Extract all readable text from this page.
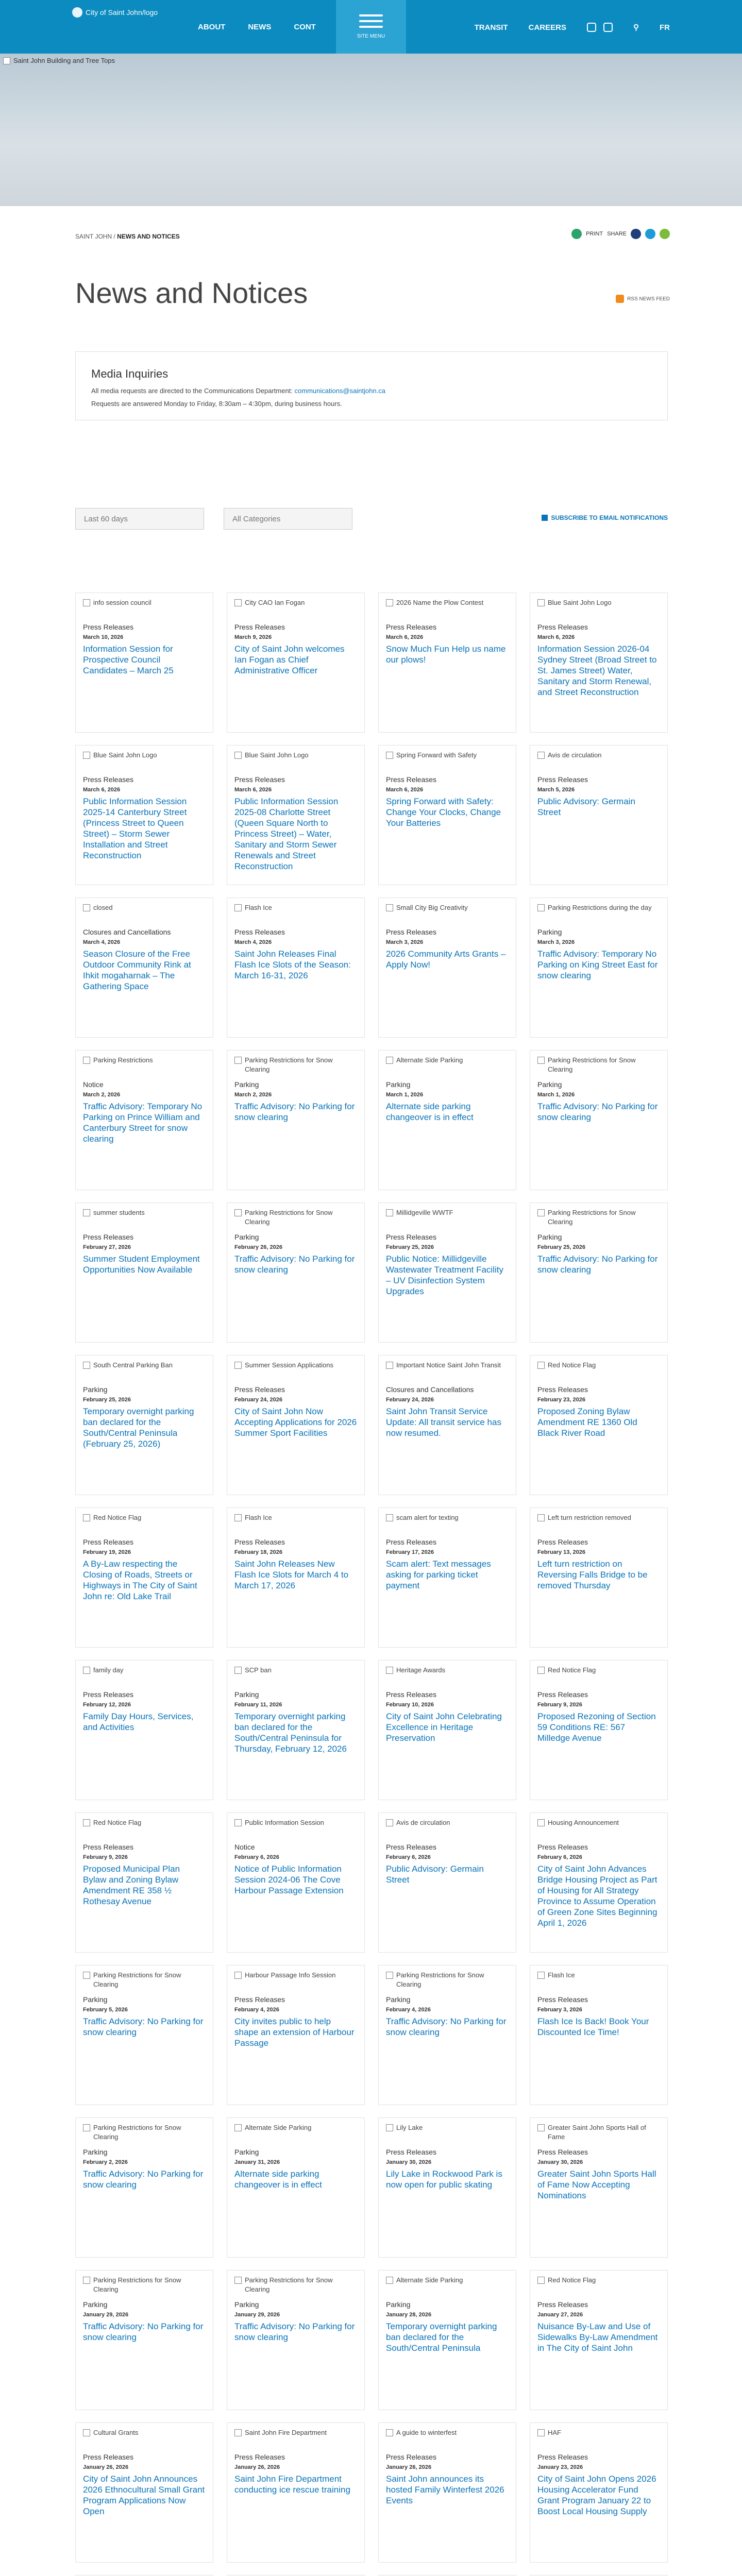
City of Saint John/logo
ABOUT	NEWS	CONT
SITE MENU
TRANSIT	CAREERS	⚲	FR
Saint John Building and Tree Tops
SAINT JOHN / NEWS AND NOTICES	PRINT SHARE
News and Notices	RSS NEWS FEED
Media Inquiries

All media requests are directed to the Communications Department: communications@saintjohn.ca

Requests are answered Monday to Friday, 8:30am – 4:30pm, during business hours.

Last 60 days	All Categories	SUBSCRIBE TO EMAIL NOTIFICATIONS
info session council
Press Releases
March 10, 2026
Information Session for Prospective Council Candidates – March 25
City CAO Ian Fogan
Press Releases
March 9, 2026
City of Saint John welcomes Ian Fogan as Chief Administrative Officer
2026 Name the Plow Contest
Press Releases
March 6, 2026
Snow Much Fun Help us name our plows!
Blue Saint John Logo
Press Releases
March 6, 2026
Information Session 2026-04 Sydney Street (Broad Street to St. James Street) Water, Sanitary and Storm Renewal, and Street Reconstruction
Blue Saint John Logo
Press Releases
March 6, 2026
Public Information Session 2025-14 Canterbury Street (Princess Street to Queen Street) – Storm Sewer Installation and Street Reconstruction
Blue Saint John Logo
Press Releases
March 6, 2026
Public Information Session 2025-08 Charlotte Street (Queen Square North to Princess Street) – Water, Sanitary and Storm Sewer Renewals and Street Reconstruction
Spring Forward with Safety
Press Releases
March 6, 2026
Spring Forward with Safety: Change Your Clocks, Change Your Batteries
Avis de circulation
Press Releases
March 5, 2026
Public Advisory: Germain Street
closed
Closures and Cancellations
March 4, 2026
Season Closure of the Free Outdoor Community Rink at Ihkit mogaharnak – The Gathering Space
Flash Ice
Press Releases
March 4, 2026
Saint John Releases Final Flash Ice Slots of the Season: March 16-31, 2026
Small City Big Creativity
Press Releases
March 3, 2026
2026 Community Arts Grants – Apply Now!
Parking Restrictions during the day
Parking
March 3, 2026
Traffic Advisory: Temporary No Parking on King Street East for snow clearing
Parking Restrictions
Notice
March 2, 2026
Traffic Advisory: Temporary No Parking on Prince William and Canterbury Street for snow clearing
Parking Restrictions for Snow Clearing
Parking
March 2, 2026
Traffic Advisory: No Parking for snow clearing
Alternate Side Parking
Parking
March 1, 2026
Alternate side parking changeover is in effect
Parking Restrictions for Snow Clearing
Parking
March 1, 2026
Traffic Advisory: No Parking for snow clearing
summer students
Press Releases
February 27, 2026
Summer Student Employment Opportunities Now Available
Parking Restrictions for Snow Clearing
Parking
February 26, 2026
Traffic Advisory: No Parking for snow clearing
Millidgeville WWTF
Press Releases
February 25, 2026
Public Notice: Millidgeville Wastewater Treatment Facility – UV Disinfection System Upgrades
Parking Restrictions for Snow Clearing
Parking
February 25, 2026
Traffic Advisory: No Parking for snow clearing
South Central Parking Ban
Parking
February 25, 2026
Temporary overnight parking ban declared for the South/Central Peninsula (February 25, 2026)
Summer Session Applications
Press Releases
February 24, 2026
City of Saint John Now Accepting Applications for 2026 Summer Sport Facilities
Important Notice Saint John Transit
Closures and Cancellations
February 24, 2026
Saint John Transit Service Update: All transit service has now resumed.
Red Notice Flag
Press Releases
February 23, 2026
Proposed Zoning Bylaw Amendment RE 1360 Old Black River Road
Red Notice Flag
Press Releases
February 19, 2026
A By-Law respecting the Closing of Roads, Streets or Highways in The City of Saint John re: Old Lake Trail
Flash Ice
Press Releases
February 18, 2026
Saint John Releases New Flash Ice Slots for March 4 to March 17, 2026
scam alert for texting
Press Releases
February 17, 2026
Scam alert: Text messages asking for parking ticket payment
Left turn restriction removed
Press Releases
February 13, 2026
Left turn restriction on Reversing Falls Bridge to be removed Thursday
family day
Press Releases
February 12, 2026
Family Day Hours, Services, and Activities
SCP ban
Parking
February 11, 2026
Temporary overnight parking ban declared for the South/Central Peninsula for Thursday, February 12, 2026
Heritage Awards
Press Releases
February 10, 2026
City of Saint John Celebrating Excellence in Heritage Preservation
Red Notice Flag
Press Releases
February 9, 2026
Proposed Rezoning of Section 59 Conditions RE: 567 Milledge Avenue
Red Notice Flag
Press Releases
February 9, 2026
Proposed Municipal Plan Bylaw and Zoning Bylaw Amendment RE 358 ½ Rothesay Avenue
Public Information Session
Notice
February 6, 2026
Notice of Public Information Session 2024-06 The Cove Harbour Passage Extension
Avis de circulation
Press Releases
February 6, 2026
Public Advisory: Germain Street
Housing Announcement
Press Releases
February 6, 2026
City of Saint John Advances Bridge Housing Project as Part of Housing for All Strategy Province to Assume Operation of Green Zone Sites Beginning April 1, 2026
Parking Restrictions for Snow Clearing
Parking
February 5, 2026
Traffic Advisory: No Parking for snow clearing
Harbour Passage Info Session
Press Releases
February 4, 2026
City invites public to help shape an extension of Harbour Passage
Parking Restrictions for Snow Clearing
Parking
February 4, 2026
Traffic Advisory: No Parking for snow clearing
Flash Ice
Press Releases
February 3, 2026
Flash Ice Is Back! Book Your Discounted Ice Time!
Parking Restrictions for Snow Clearing
Parking
February 2, 2026
Traffic Advisory: No Parking for snow clearing
Alternate Side Parking
Parking
January 31, 2026
Alternate side parking changeover is in effect
Lily Lake
Press Releases
January 30, 2026
Lily Lake in Rockwood Park is now open for public skating
Greater Saint John Sports Hall of Fame
Press Releases
January 30, 2026
Greater Saint John Sports Hall of Fame Now Accepting Nominations
Parking Restrictions for Snow Clearing
Parking
January 29, 2026
Traffic Advisory: No Parking for snow clearing
Parking Restrictions for Snow Clearing
Parking
January 29, 2026
Traffic Advisory: No Parking for snow clearing
Alternate Side Parking
Parking
January 28, 2026
Temporary overnight parking ban declared for the South/Central Peninsula
Red Notice Flag
Press Releases
January 27, 2026
Nuisance By-Law and Use of Sidewalks By-Law Amendment in The City of Saint John
Cultural Grants
Press Releases
January 26, 2026
City of Saint John Announces 2026 Ethnocultural Small Grant Program Applications Now Open
Saint John Fire Department
Press Releases
January 26, 2026
Saint John Fire Department conducting ice rescue training
A guide to winterfest
Press Releases
January 26, 2026
Saint John announces its hosted Family Winterfest 2026 Events
HAF
Press Releases
January 23, 2026
City of Saint John Opens 2026 Housing Accelerator Fund Grant Program January 22 to Boost Local Housing Supply
